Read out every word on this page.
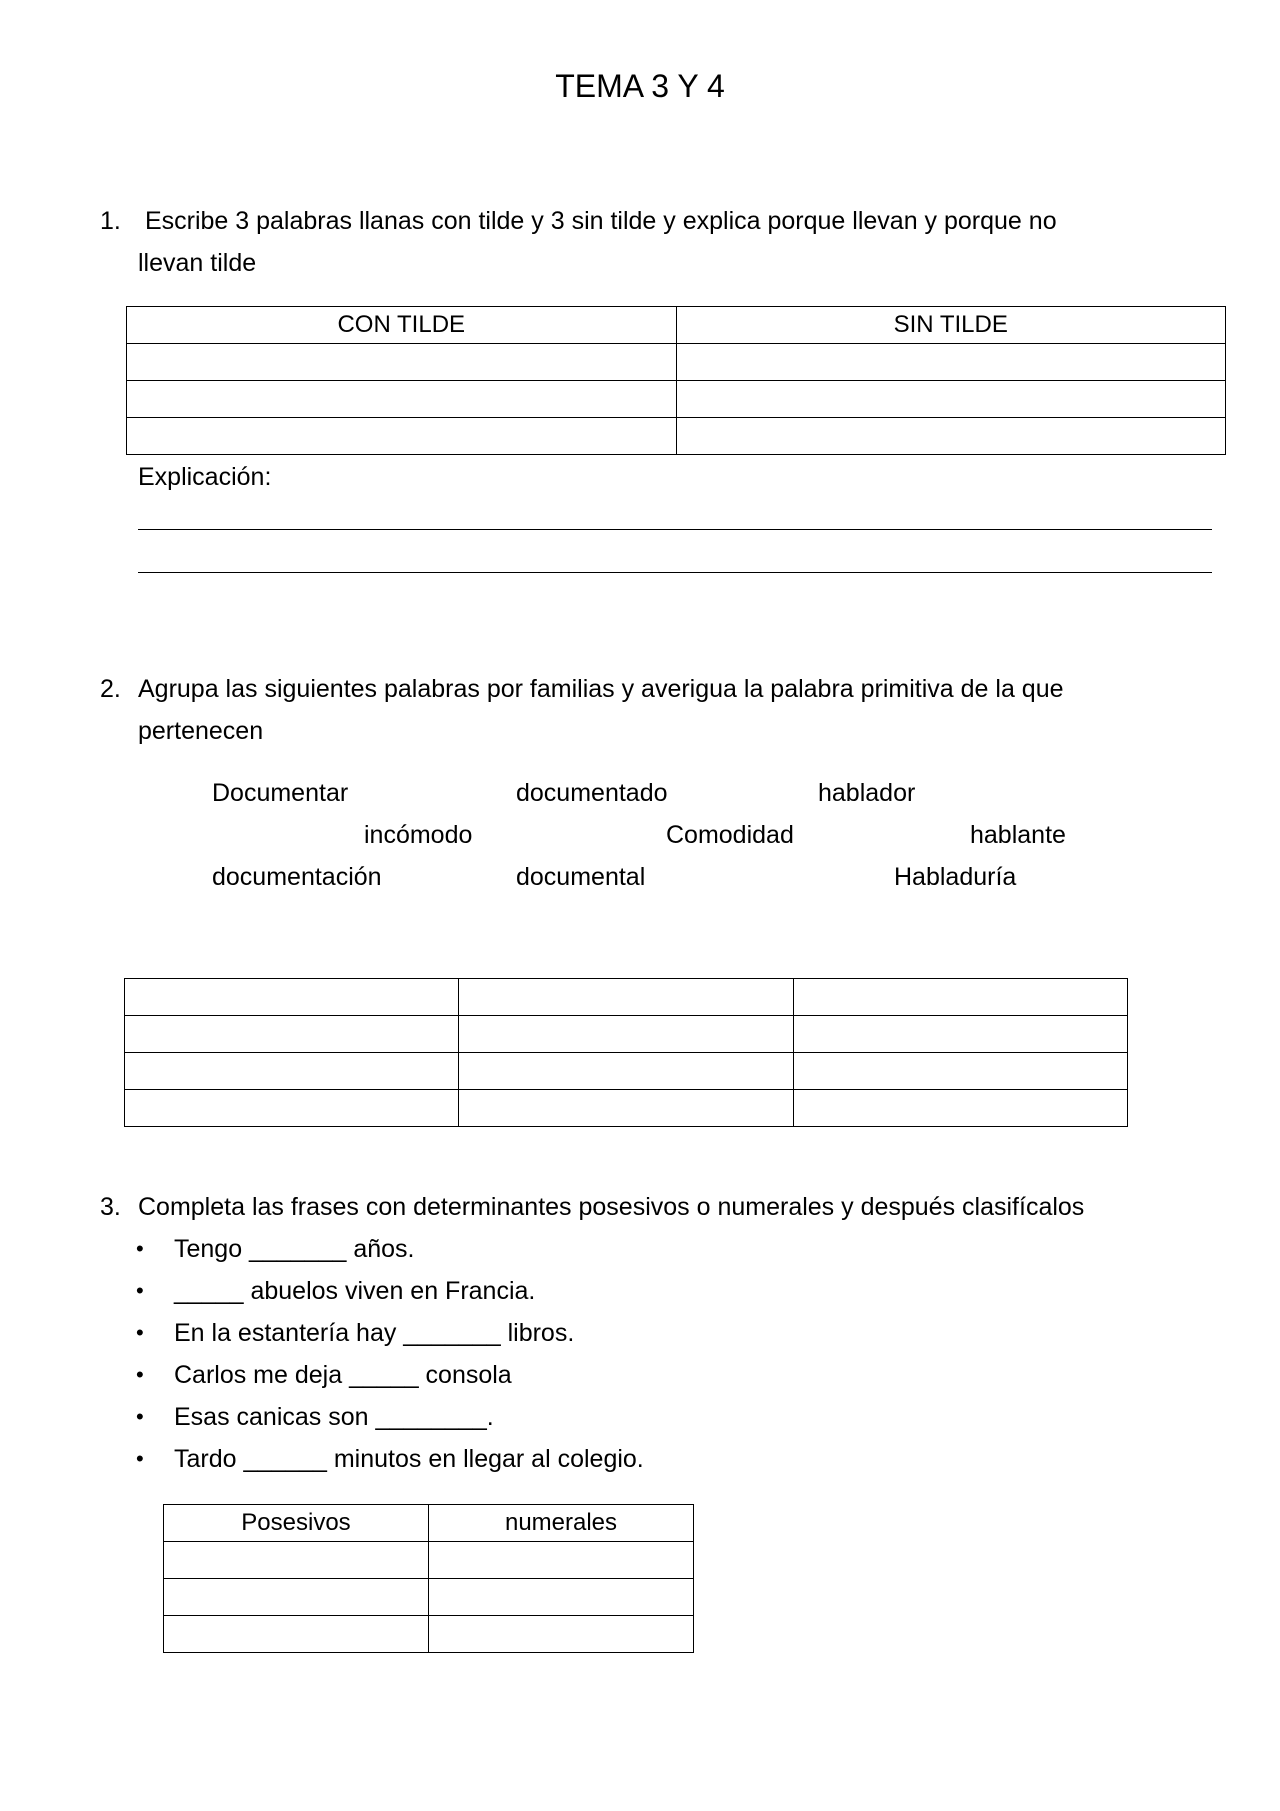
TEMA 3 Y 4
1. Escribe 3 palabras llanas con tilde y 3 sin tilde y explica porque llevan y porque no
llevan tilde
CON TILDE	SIN TILDE

Explicación:
2. Agrupa las siguientes palabras por familias y averigua la palabra primitiva de la que
pertenecen
Documentar	documentado	hablador
incómodo	Comodidad	hablante
documentación	documental	Habladuría

3. Completa las frases con determinantes posesivos o numerales y después clasifícalos
• Tengo _______ años.
• _____ abuelos viven en Francia.
• En la estantería hay _______ libros.
• Carlos me deja _____ consola
• Esas canicas son ________.
• Tardo ______ minutos en llegar al colegio.
Posesivos	numerales
